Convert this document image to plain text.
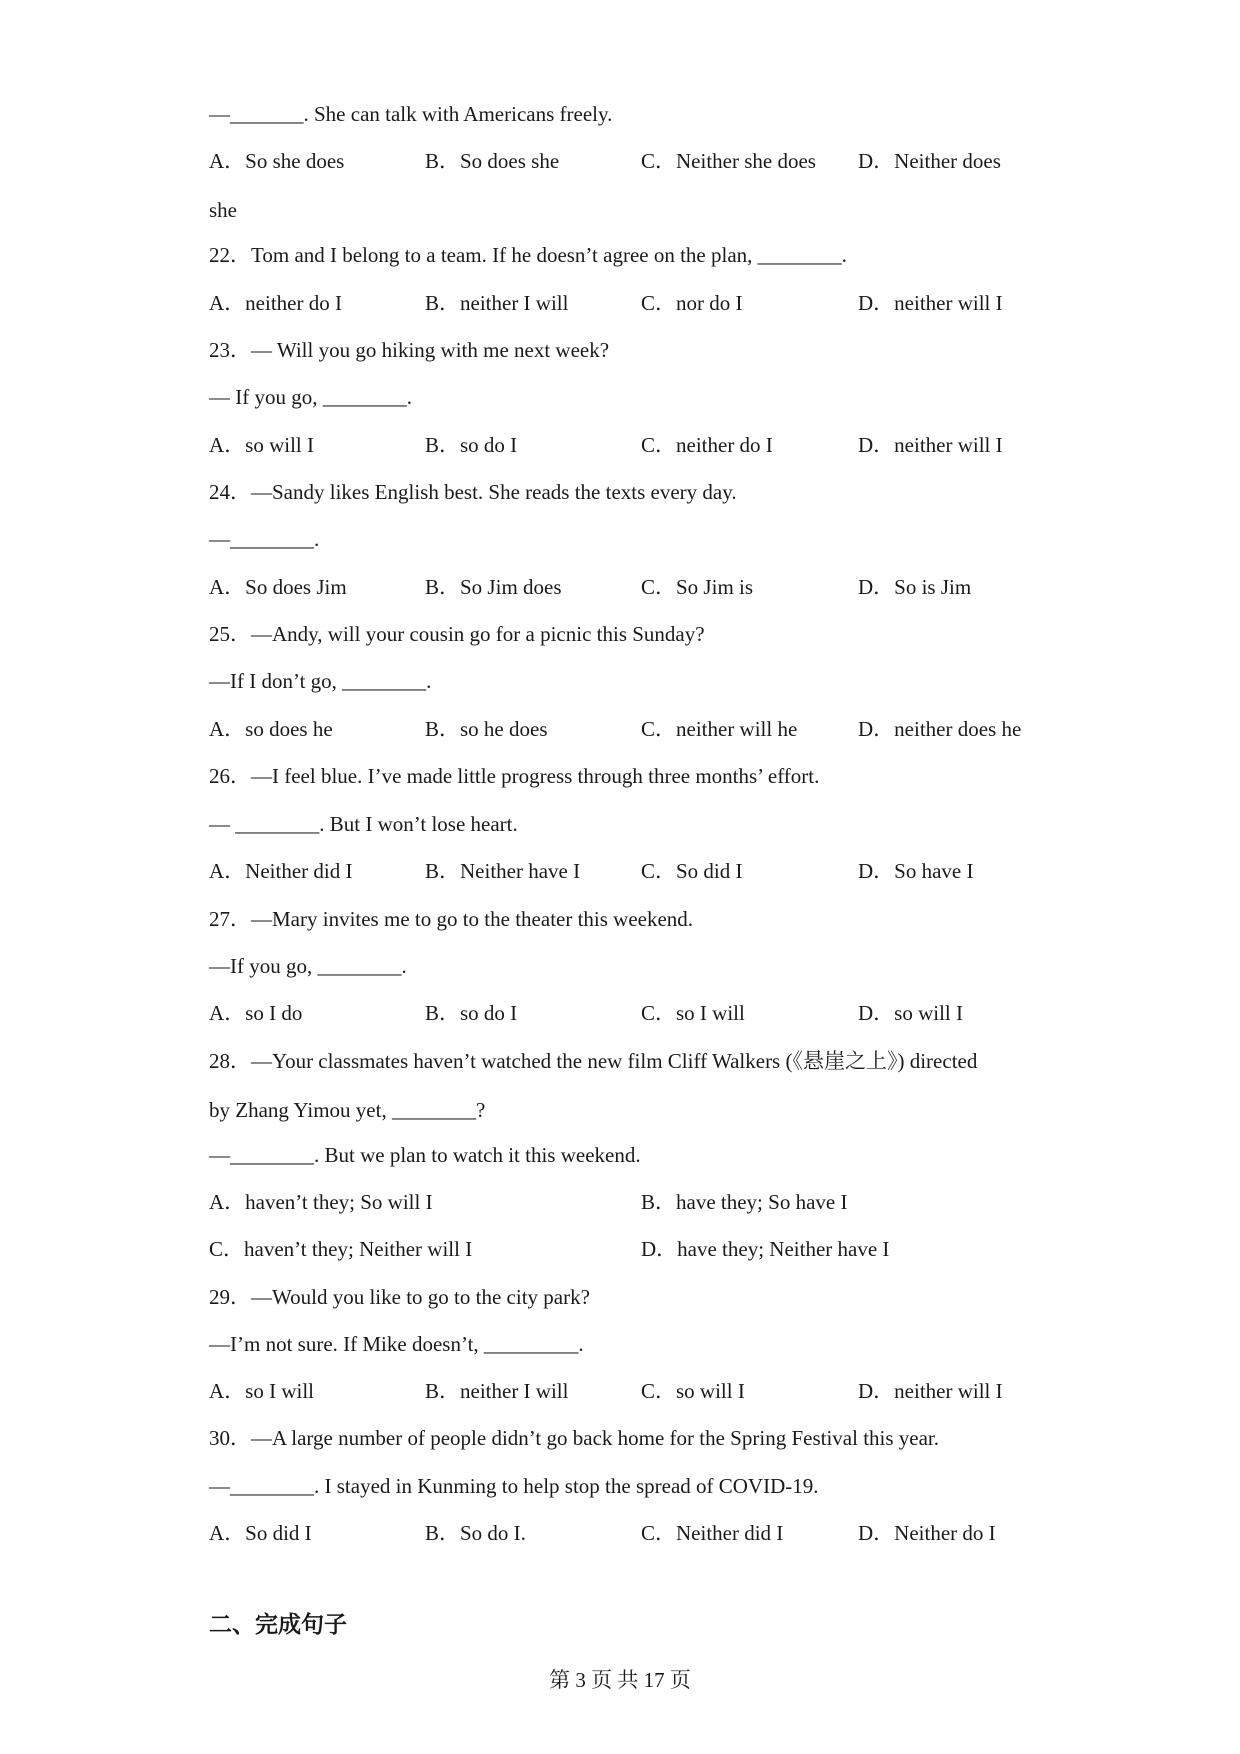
—_______. She can talk with Americans freely.
A．So she does	B．So does she	C．Neither she does D．Neither does
she
22．Tom and I belong to a team. If he doesn’t agree on the plan, ________.
A．neither do I	B．neither I will	C．nor do I	D．neither will I
23．— Will you go hiking with me next week?
— If you go, ________.
A．so will I	B．so do I	C．neither do I	D．neither will I
24．—Sandy likes English best. She reads the texts every day.
—________.
A．So does Jim	B．So Jim does	C．So Jim is	D．So is Jim
25．—Andy, will your cousin go for a picnic this Sunday?
—If I don’t go, ________.
A．so does he	B．so he does	C．neither will he	D．neither does he
26．—I feel blue. I’ve made little progress through three months’ effort.
— ________. But I won’t lose heart.
A．Neither did I	B．Neither have I	C．So did I	D．So have I
27．—Mary invites me to go to the theater this weekend.
—If you go, ________.
A．so I do	B．so do I	C．so I will	D．so will I
28．—Your classmates haven’t watched the new film Cliff Walkers (《悬崖之上》) directed
by Zhang Yimou yet, ________?
—________. But we plan to watch it this weekend.
A．haven’t they; So will I	B．have they; So have I
C．haven’t they; Neither will I	D．have they; Neither have I
29．—Would you like to go to the city park?
—I’m not sure. If Mike doesn’t, _________.
A．so I will	B．neither I will	C．so will I	D．neither will I
30．—A large number of people didn’t go back home for the Spring Festival this year.
—________. I stayed in Kunming to help stop the spread of COVID-19.
A．So did I	B．So do I.	C．Neither did I	D．Neither do I
二、完成句子
第 3 页 共 17 页
